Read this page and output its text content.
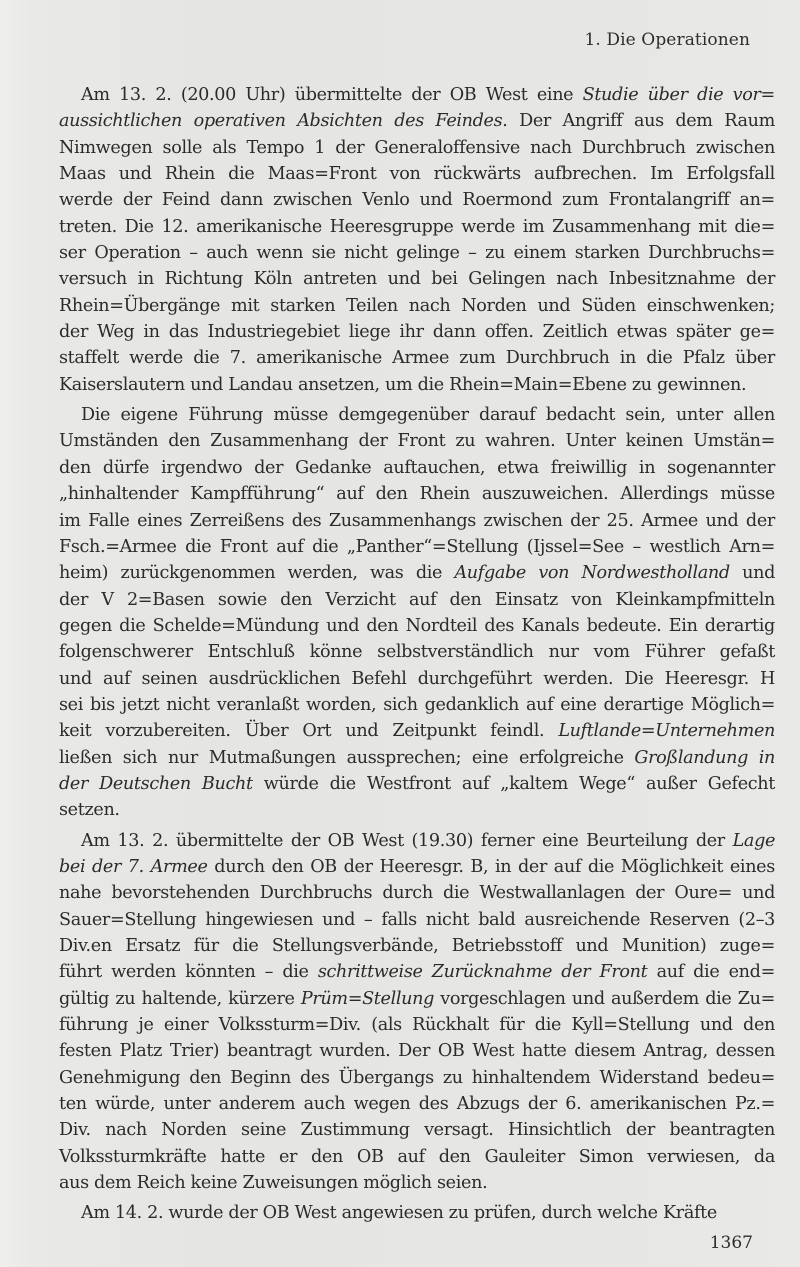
1. Die Operationen
Am 13. 2. (20.00 Uhr) übermittelte der OB West eine Studie über die vor=
aussichtlichen operativen Absichten des Feindes. Der Angriff aus dem Raum
Nimwegen solle als Tempo 1 der Generaloffensive nach Durchbruch zwischen
Maas und Rhein die Maas=Front von rückwärts aufbrechen. Im Erfolgsfall
werde der Feind dann zwischen Venlo und Roermond zum Frontalangriff an=
treten. Die 12. amerikanische Heeresgruppe werde im Zusammenhang mit die=
ser Operation – auch wenn sie nicht gelinge – zu einem starken Durchbruchs=
versuch in Richtung Köln antreten und bei Gelingen nach Inbesitznahme der
Rhein=Übergänge mit starken Teilen nach Norden und Süden einschwenken;
der Weg in das Industriegebiet liege ihr dann offen. Zeitlich etwas später ge=
staffelt werde die 7. amerikanische Armee zum Durchbruch in die Pfalz über
Kaiserslautern und Landau ansetzen, um die Rhein=Main=Ebene zu gewinnen.
Die eigene Führung müsse demgegenüber darauf bedacht sein, unter allen
Umständen den Zusammenhang der Front zu wahren. Unter keinen Umstän=
den dürfe irgendwo der Gedanke auftauchen, etwa freiwillig in sogenannter
„hinhaltender Kampfführung“ auf den Rhein auszuweichen. Allerdings müsse
im Falle eines Zerreißens des Zusammenhangs zwischen der 25. Armee und der
Fsch.=Armee die Front auf die „Panther“=Stellung (Ijssel=See – westlich Arn=
heim) zurückgenommen werden, was die Aufgabe von Nordwestholland und
der V 2=Basen sowie den Verzicht auf den Einsatz von Kleinkampfmitteln
gegen die Schelde=Mündung und den Nordteil des Kanals bedeute. Ein derartig
folgenschwerer Entschluß könne selbstverständlich nur vom Führer gefaßt
und auf seinen ausdrücklichen Befehl durchgeführt werden. Die Heeresgr. H
sei bis jetzt nicht veranlaßt worden, sich gedanklich auf eine derartige Möglich=
keit vorzubereiten. Über Ort und Zeitpunkt feindl. Luftlande=Unternehmen
ließen sich nur Mutmaßungen aussprechen; eine erfolgreiche Großlandung in
der Deutschen Bucht würde die Westfront auf „kaltem Wege“ außer Gefecht
setzen.
Am 13. 2. übermittelte der OB West (19.30) ferner eine Beurteilung der Lage
bei der 7. Armee durch den OB der Heeresgr. B, in der auf die Möglichkeit eines
nahe bevorstehenden Durchbruchs durch die Westwallanlagen der Oure= und
Sauer=Stellung hingewiesen und – falls nicht bald ausreichende Reserven (2–3
Div.en Ersatz für die Stellungsverbände, Betriebsstoff und Munition) zuge=
führt werden könnten – die schrittweise Zurücknahme der Front auf die end=
gültig zu haltende, kürzere Prüm=Stellung vorgeschlagen und außerdem die Zu=
führung je einer Volkssturm=Div. (als Rückhalt für die Kyll=Stellung und den
festen Platz Trier) beantragt wurden. Der OB West hatte diesem Antrag, dessen
Genehmigung den Beginn des Übergangs zu hinhaltendem Widerstand bedeu=
ten würde, unter anderem auch wegen des Abzugs der 6. amerikanischen Pz.=
Div. nach Norden seine Zustimmung versagt. Hinsichtlich der beantragten
Volkssturmkräfte hatte er den OB auf den Gauleiter Simon verwiesen, da
aus dem Reich keine Zuweisungen möglich seien.
Am 14. 2. wurde der OB West angewiesen zu prüfen, durch welche Kräfte
1367
